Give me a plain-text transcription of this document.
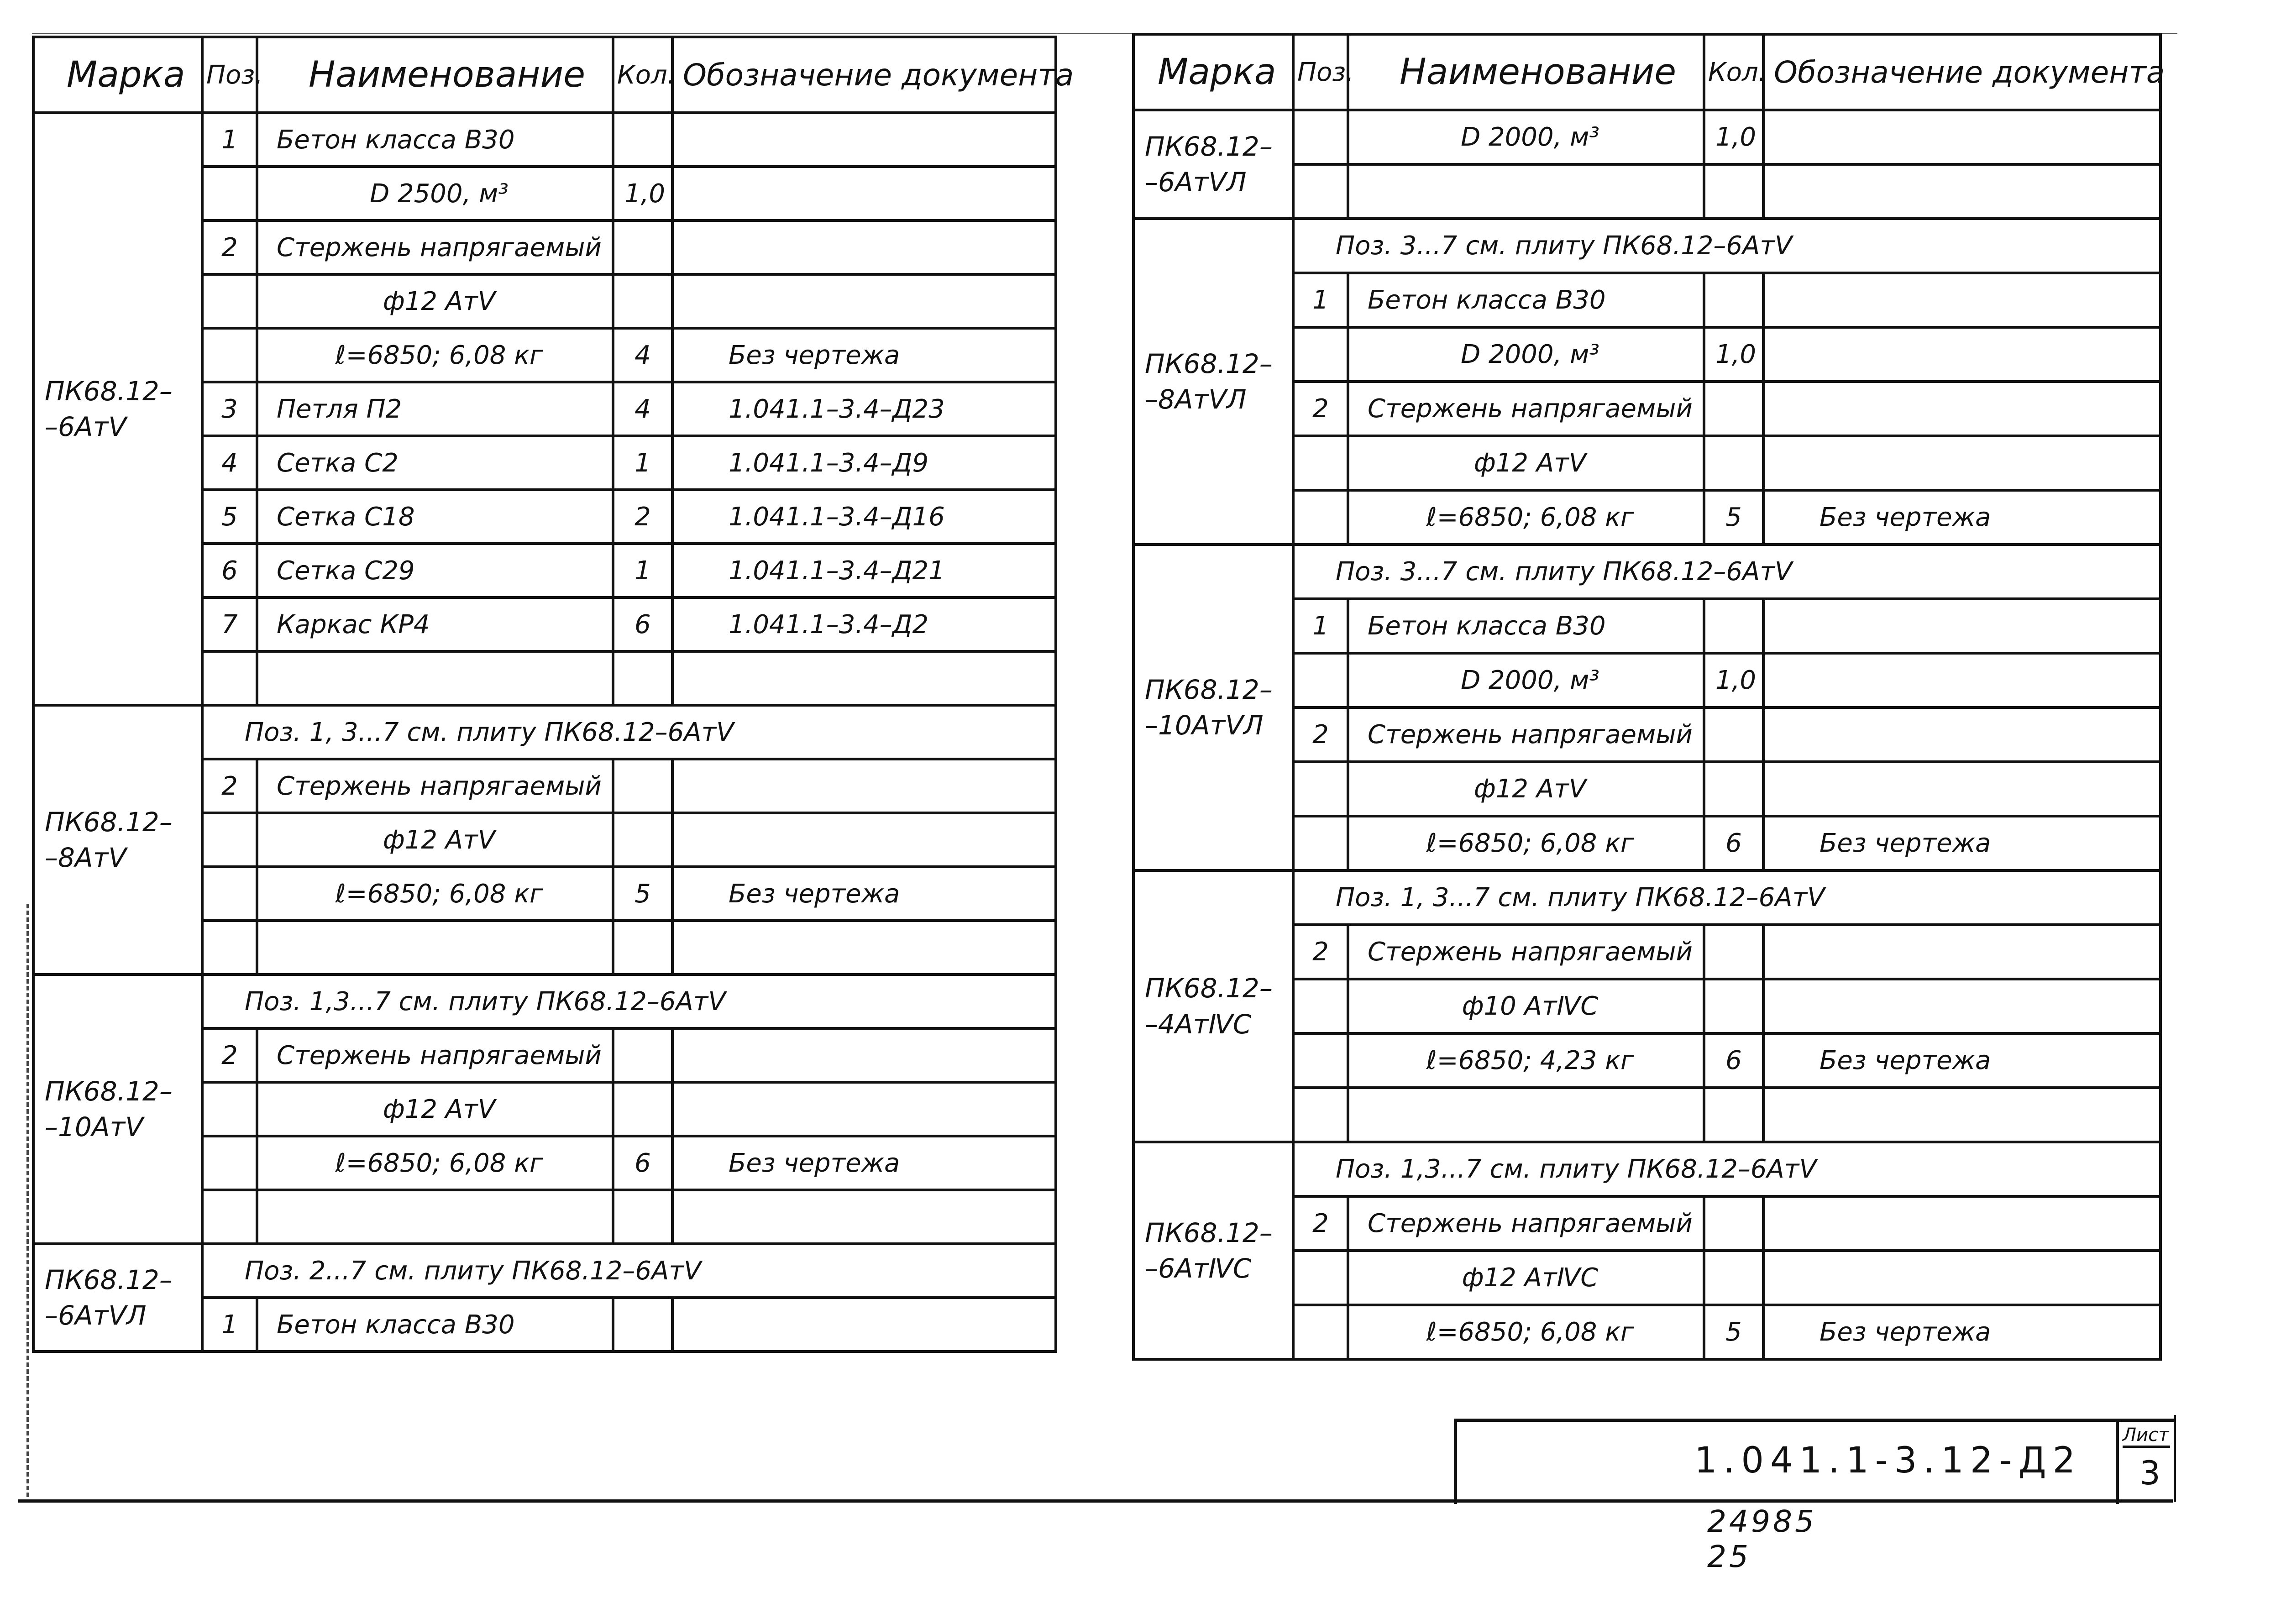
Марка	Поз.	Наименование	Кол.	Обозначение документа
ПК68.12–
–6АтⅤ	1	Бетон класса В30		
		D 2500, м³	1,0	
	2	Стержень напрягаемый		
		ф12 АтⅤ		
		ℓ=6850; 6,08 кг	4	Без чертежа
	3	Петля П2	4	1.041.1–3.4–Д23
	4	Сетка С2	1	1.041.1–3.4–Д9
	5	Сетка С18	2	1.041.1–3.4–Д16
	6	Сетка С29	1	1.041.1–3.4–Д21
	7	Каркас КР4	6	1.041.1–3.4–Д2

ПК68.12–
–8АтⅤ	Поз. 1, 3...7 см. плиту ПК68.12–6АтⅤ			
	2	Стержень напрягаемый		
		ф12 АтⅤ		
		ℓ=6850; 6,08 кг	5	Без чертежа

ПК68.12–
–10АтⅤ	Поз. 1,3...7 см. плиту ПК68.12–6АтⅤ			
	2	Стержень напрягаемый		
		ф12 АтⅤ		
		ℓ=6850; 6,08 кг	6	Без чертежа

ПК68.12–
–6АтⅤЛ	Поз. 2...7 см. плиту ПК68.12–6АтⅤ			
	1	Бетон класса В30		
Марка	Поз.	Наименование	Кол.	Обозначение документа
ПК68.12–
–6АтⅤЛ		D 2000, м³	1,0	

ПК68.12–
–8АтⅤЛ	Поз. 3...7 см. плиту ПК68.12–6АтⅤ			
	1	Бетон класса В30		
		D 2000, м³	1,0	
	2	Стержень напрягаемый		
		ф12 АтⅤ		
		ℓ=6850; 6,08 кг	5	Без чертежа
ПК68.12–
–10АтⅤЛ	Поз. 3...7 см. плиту ПК68.12–6АтⅤ			
	1	Бетон класса В30		
		D 2000, м³	1,0	
	2	Стержень напрягаемый		
		ф12 АтⅤ		
		ℓ=6850; 6,08 кг	6	Без чертежа
ПК68.12–
–4АтⅣС	Поз. 1, 3...7 см. плиту ПК68.12–6АтⅤ			
	2	Стержень напрягаемый		
		ф10 АтⅣС		
		ℓ=6850; 4,23 кг	6	Без чертежа

ПК68.12–
–6АтⅣС	Поз. 1,3...7 см. плиту ПК68.12–6АтⅤ			
	2	Стержень напрягаемый		
		ф12 АтⅣС		
		ℓ=6850; 6,08 кг	5	Без чертежа
1.041.1-3.12-Д2
Лист
3
24985 25
